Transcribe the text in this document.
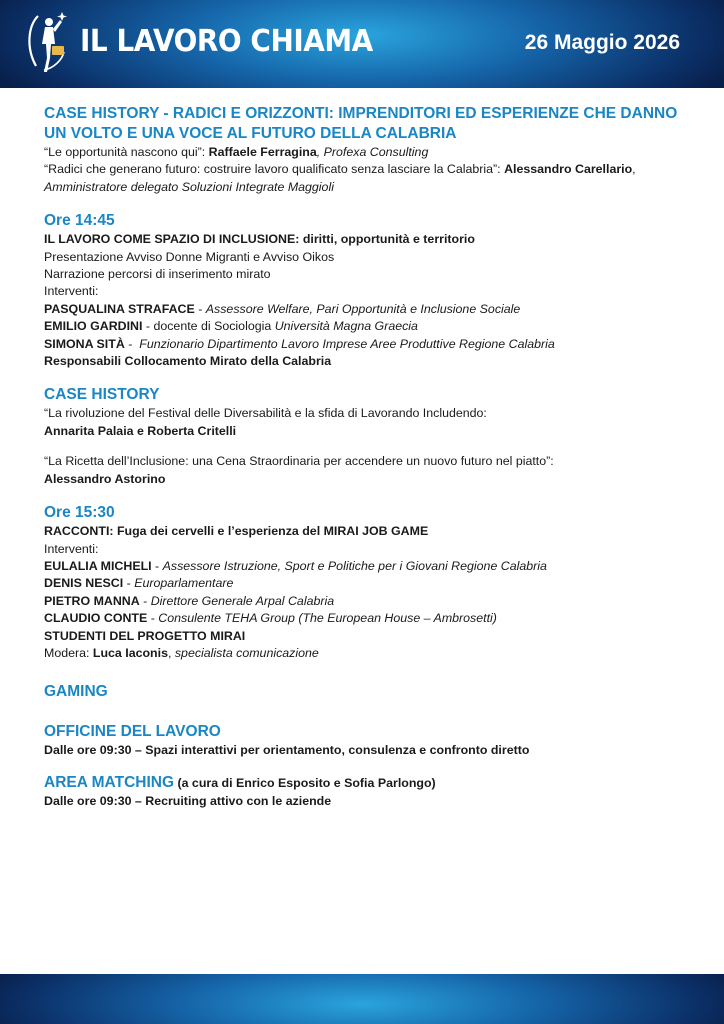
IL LAVORO CHIAMA	26 Maggio 2026
CASE HISTORY - RADICI E ORIZZONTI: IMPRENDITORI ED ESPERIENZE CHE DANNO UN VOLTO E UNA VOCE AL FUTURO DELLA CALABRIA

“Le opportunità nascono qui”: Raffaele Ferragina, Profexa Consulting

“Radici che generano futuro: costruire lavoro qualificato senza lasciare la Calabria”: Alessandro Carellario, Amministratore delegato Soluzioni Integrate Maggioli

Ore 14:45

IL LAVORO COME SPAZIO DI INCLUSIONE: diritti, opportunità e territorio

Presentazione Avviso Donne Migranti e Avviso Oikos

Narrazione percorsi di inserimento mirato

Interventi:

PASQUALINA STRAFACE - Assessore Welfare, Pari Opportunità e Inclusione Sociale

EMILIO GARDINI - docente di Sociologia Università Magna Graecia

SIMONA SITÀ -  Funzionario Dipartimento Lavoro Imprese Aree Produttive Regione Calabria

Responsabili Collocamento Mirato della Calabria

CASE HISTORY

“La rivoluzione del Festival delle Diversabilità e la sfida di Lavorando Includendo:

Annarita Palaia e Roberta Critelli

“La Ricetta dell’Inclusione: una Cena Straordinaria per accendere un nuovo futuro nel piatto”:

Alessandro Astorino

Ore 15:30

RACCONTI: Fuga dei cervelli e l’esperienza del MIRAI JOB GAME

Interventi:

EULALIA MICHELI - Assessore Istruzione, Sport e Politiche per i Giovani Regione Calabria

DENIS NESCI - Europarlamentare

PIETRO MANNA - Direttore Generale Arpal Calabria

CLAUDIO CONTE - Consulente TEHA Group (The European House – Ambrosetti)

STUDENTI DEL PROGETTO MIRAI

Modera: Luca Iaconis, specialista comunicazione

GAMING
OFFICINE DEL LAVORO

Dalle ore 09:30 – Spazi interattivi per orientamento, consulenza e confronto diretto

AREA MATCHING (a cura di Enrico Esposito e Sofia Parlongo)

Dalle ore 09:30 – Recruiting attivo con le aziende
